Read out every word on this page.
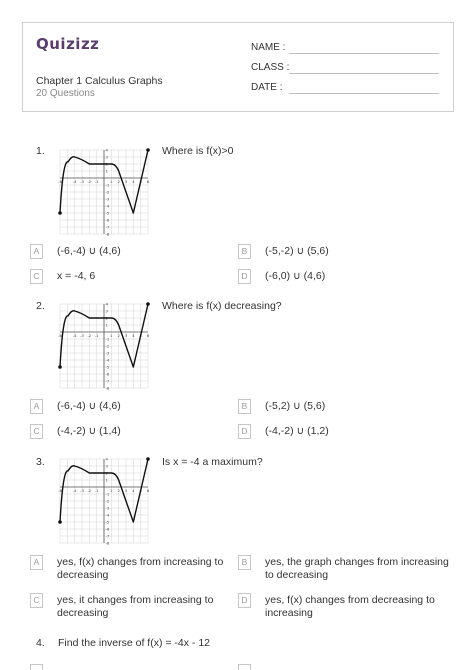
Quizizz
Chapter 1 Calculus Graphs
20 Questions
NAME :
CLASS :
DATE :
1.
-6	-4 -3 -2 -1	1 2 3 4 5 6
4
3
2
1
-1
-2
-3
-4
-5
-6
-7
-8
Where is f(x)>0
A	(-6,-4) ∪ (4,6)	B	(-5,-2) ∪ (5,6)
C	x = -4, 6	D	(-6,0) ∪ (4,6)
2.
-6	-4 -3 -2 -1	1 2 3 4 5 6
4
3
2
1
-1
-2
-3
-4
-5
-6
-7
-8
Where is f(x) decreasing?
A	(-6,-4) ∪ (4,6)	B	(-5,2) ∪ (5,6)
C	(-4,-2) ∪ (1,4)	D	(-4,-2) ∪ (1,2)
3.
-6	-4 -3 -2 -1	1 2 3 4 5 6
4
3
2
1
-1
-2
-3
-4
-5
-6
-7
-8
Is x = -4 a maximum?
A	yes, f(x) changes from increasing to decreasing
B	yes, the graph changes from increasing to decreasing
C	yes, it changes from increasing to decreasing
D	yes, f(x) changes from decreasing to increasing
4. Find the inverse of f(x) = -4x - 12
